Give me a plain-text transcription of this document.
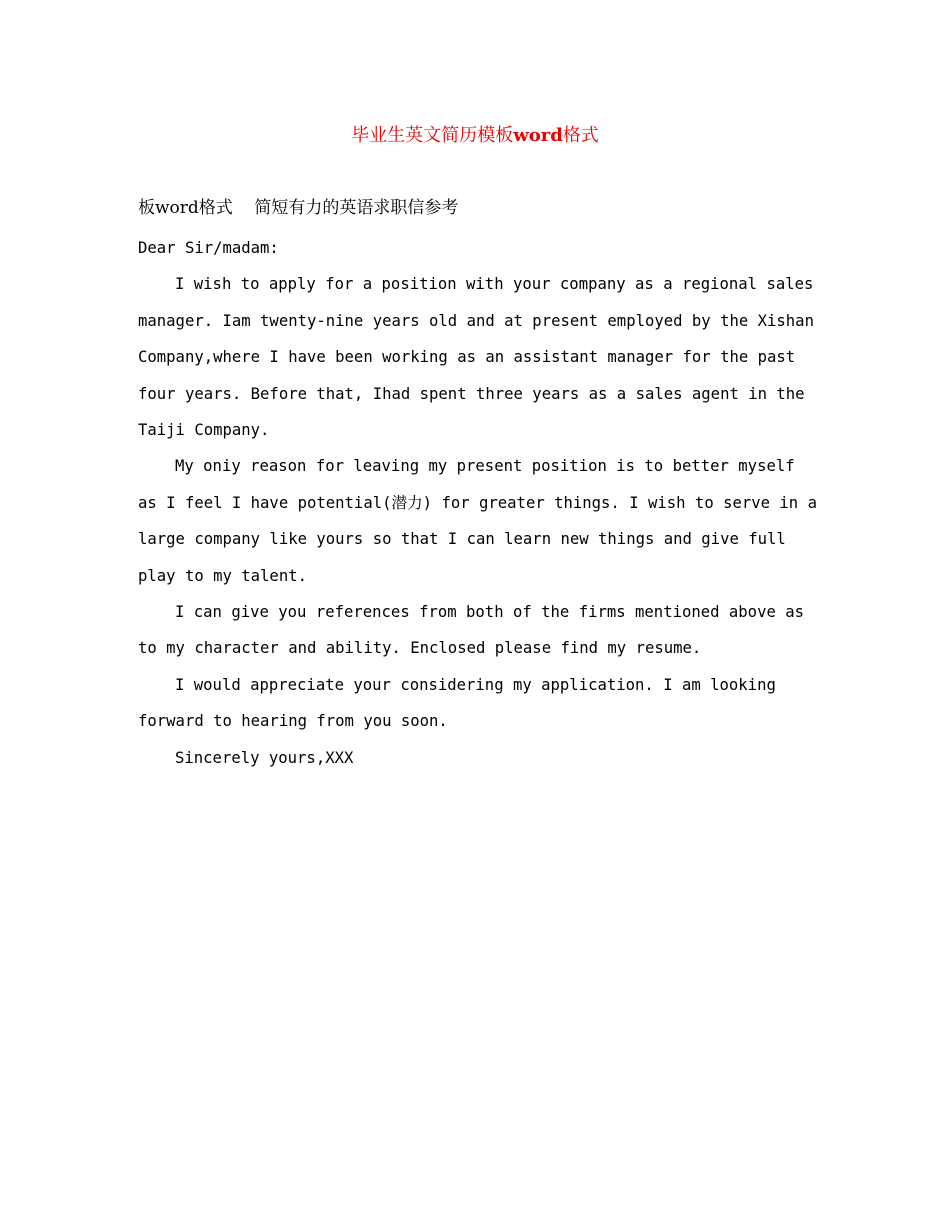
毕业生英文简历模板word格式

板word格式    简短有力的英语求职信参考

Dear Sir/madam:

I wish to apply for a position with your company as a regional sales manager. Iam twenty-nine years old and at present employed by the Xishan Company,where I have been working as an assistant manager for the past four years. Before that, Ihad spent three years as a sales agent in the Taiji Company.

My oniy reason for leaving my present position is to better myself as I feel I have potential(潜力) for greater things. I wish to serve in a large company like yours so that I can learn new things and give full play to my talent.

I can give you references from both of the firms mentioned above as to my character and ability. Enclosed please find my resume.

I would appreciate your considering my application. I am looking forward to hearing from you soon.

Sincerely yours,XXX
